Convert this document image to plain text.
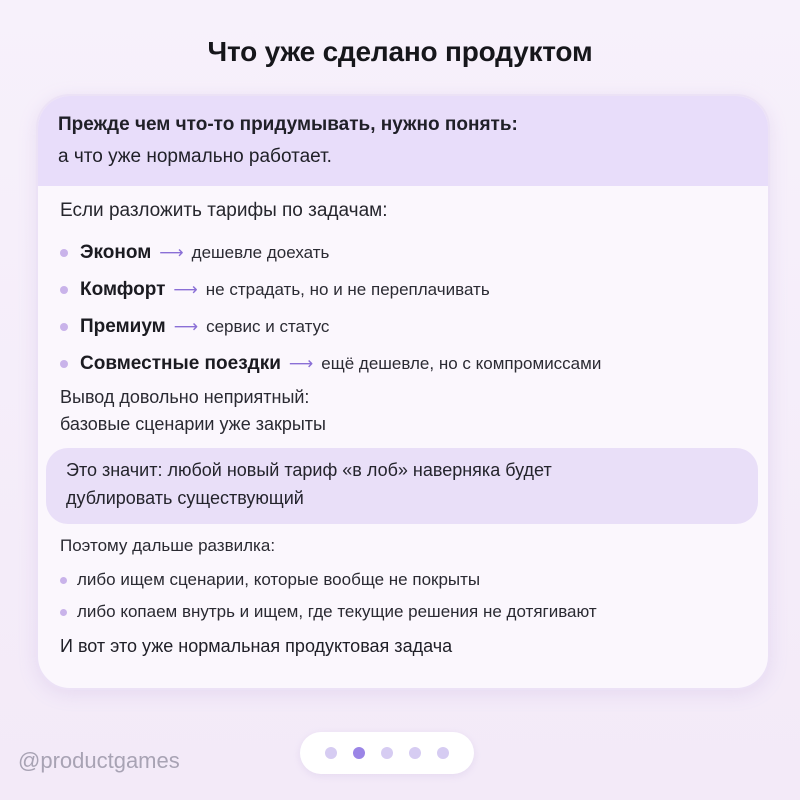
Что уже сделано продуктом
Прежде чем что-то придумывать, нужно понять:
а что уже нормально работает.
Если разложить тарифы по задачам:
Эконом ⟶ дешевле доехать
Комфорт ⟶ не страдать, но и не переплачивать
Премиум ⟶ сервис и статус
Совместные поездки ⟶ ещё дешевле, но с компромиссами
Вывод довольно неприятный:
базовые сценарии уже закрыты
Это значит: любой новый тариф «в лоб» наверняка будет
дублировать существующий
Поэтому дальше развилка:
либо ищем сценарии, которые вообще не покрыты
либо копаем внутрь и ищем, где текущие решения не дотягивают
И вот это уже нормальная продуктовая задача
@productgames
